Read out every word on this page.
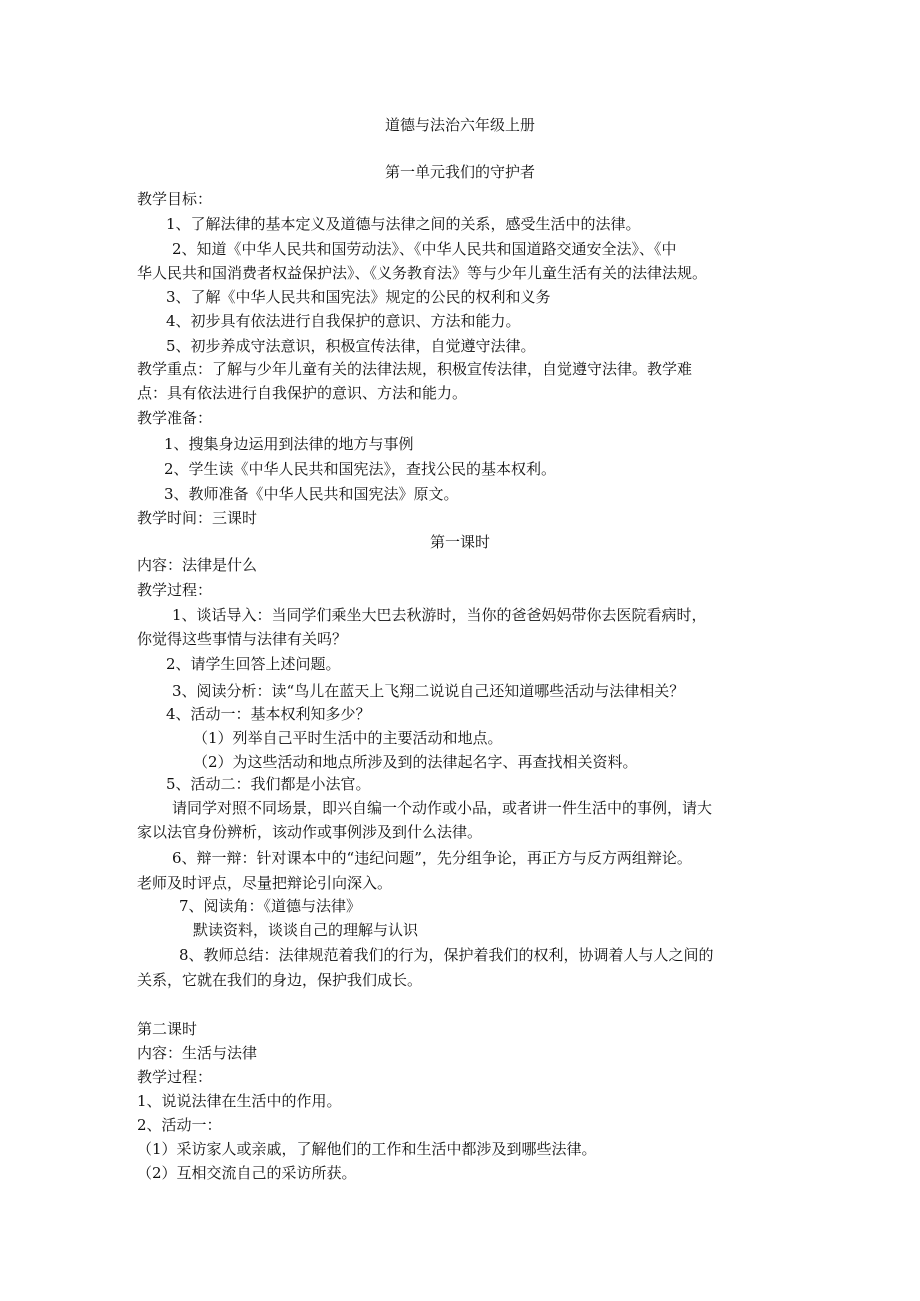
道德与法治六年级上册
第一单元我们的守护者
教学目标：
1、了解法律的基本定义及道德与法律之间的关系，感受生活中的法律。
2、知道《中华人民共和国劳动法》、《中华人民共和国道路交通安全法》、《中
华人民共和国消费者权益保护法》、《义务教育法》等与少年儿童生活有关的法律法规。
3、了解《中华人民共和国宪法》规定的公民的权利和义务
4、初步具有依法进行自我保护的意识、方法和能力。
5、初步养成守法意识，积极宣传法律，自觉遵守法律。
教学重点：了解与少年儿童有关的法律法规，积极宣传法律，自觉遵守法律。教学难
点：具有依法进行自我保护的意识、方法和能力。
教学准备：
1、搜集身边运用到法律的地方与事例
2、学生读《中华人民共和国宪法》，查找公民的基本权利。
3、教师准备《中华人民共和国宪法》原文。
教学时间：三课时
第一课时
内容：法律是什么
教学过程：
1、谈话导入：当同学们乘坐大巴去秋游时，当你的爸爸妈妈带你去医院看病时，
你觉得这些事情与法律有关吗？
2、请学生回答上述问题。
3、阅读分析：读“鸟儿在蓝天上飞翔二说说自己还知道哪些活动与法律相关？
4、活动一：基本权利知多少？
（1）列举自己平时生活中的主要活动和地点。
（2）为这些活动和地点所涉及到的法律起名字、再查找相关资料。
5、活动二：我们都是小法官。
请同学对照不同场景，即兴自编一个动作或小品，或者讲一件生活中的事例，请大
家以法官身份辨析，该动作或事例涉及到什么法律。
6、辩一辩：针对课本中的“违纪问题”，先分组争论，再正方与反方两组辩论。
老师及时评点，尽量把辩论引向深入。
7、阅读角：《道德与法律》
默读资料，谈谈自己的理解与认识
8、教师总结：法律规范着我们的行为，保护着我们的权利，协调着人与人之间的
关系，它就在我们的身边，保护我们成长。
第二课时
内容：生活与法律
教学过程：
1、说说法律在生活中的作用。
2、活动一：
（1）采访家人或亲戚，了解他们的工作和生活中都涉及到哪些法律。
（2）互相交流自己的采访所获。
